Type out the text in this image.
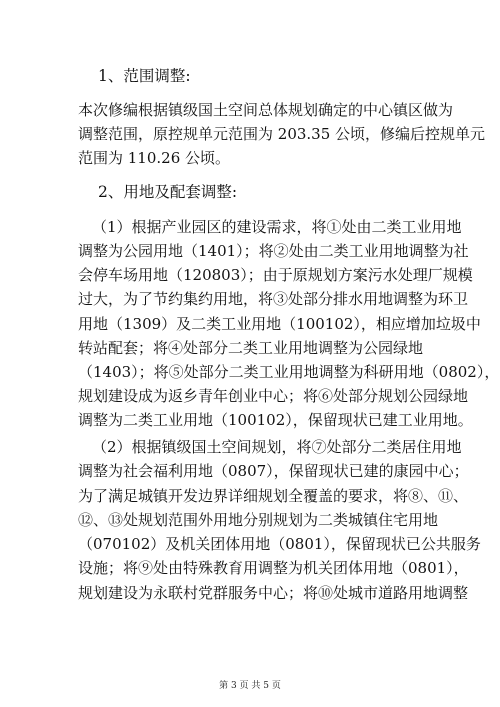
1、范围调整:
本次修编根据镇级国土空间总体规划确定的中心镇区做为
调整范围，原控规单元范围为 203.35 公顷，修编后控规单元
范围为 110.26 公顷。
2、用地及配套调整:
（1）根据产业园区的建设需求，将①处由二类工业用地
调整为公园用地（1401）；将②处由二类工业用地调整为社
会停车场用地（120803）；由于原规划方案污水处理厂规模
过大，为了节约集约用地，将③处部分排水用地调整为环卫
用地（1309）及二类工业用地（100102），相应增加垃圾中
转站配套；将④处部分二类工业用地调整为公园绿地
（1403）；将⑤处部分二类工业用地调整为科研用地（0802），
规划建设成为返乡青年创业中心；将⑥处部分规划公园绿地
调整为二类工业用地（100102），保留现状已建工业用地。
（2）根据镇级国土空间规划，将⑦处部分二类居住用地
调整为社会福利用地（0807），保留现状已建的康园中心；
为了满足城镇开发边界详细规划全覆盖的要求，将⑧、⑪、
⑫、⑬处规划范围外用地分别规划为二类城镇住宅用地
（070102）及机关团体用地（0801），保留现状已公共服务
设施；将⑨处由特殊教育用调整为机关团体用地（0801），
规划建设为永联村党群服务中心；将⑩处城市道路用地调整
第 3 页 共 5 页
